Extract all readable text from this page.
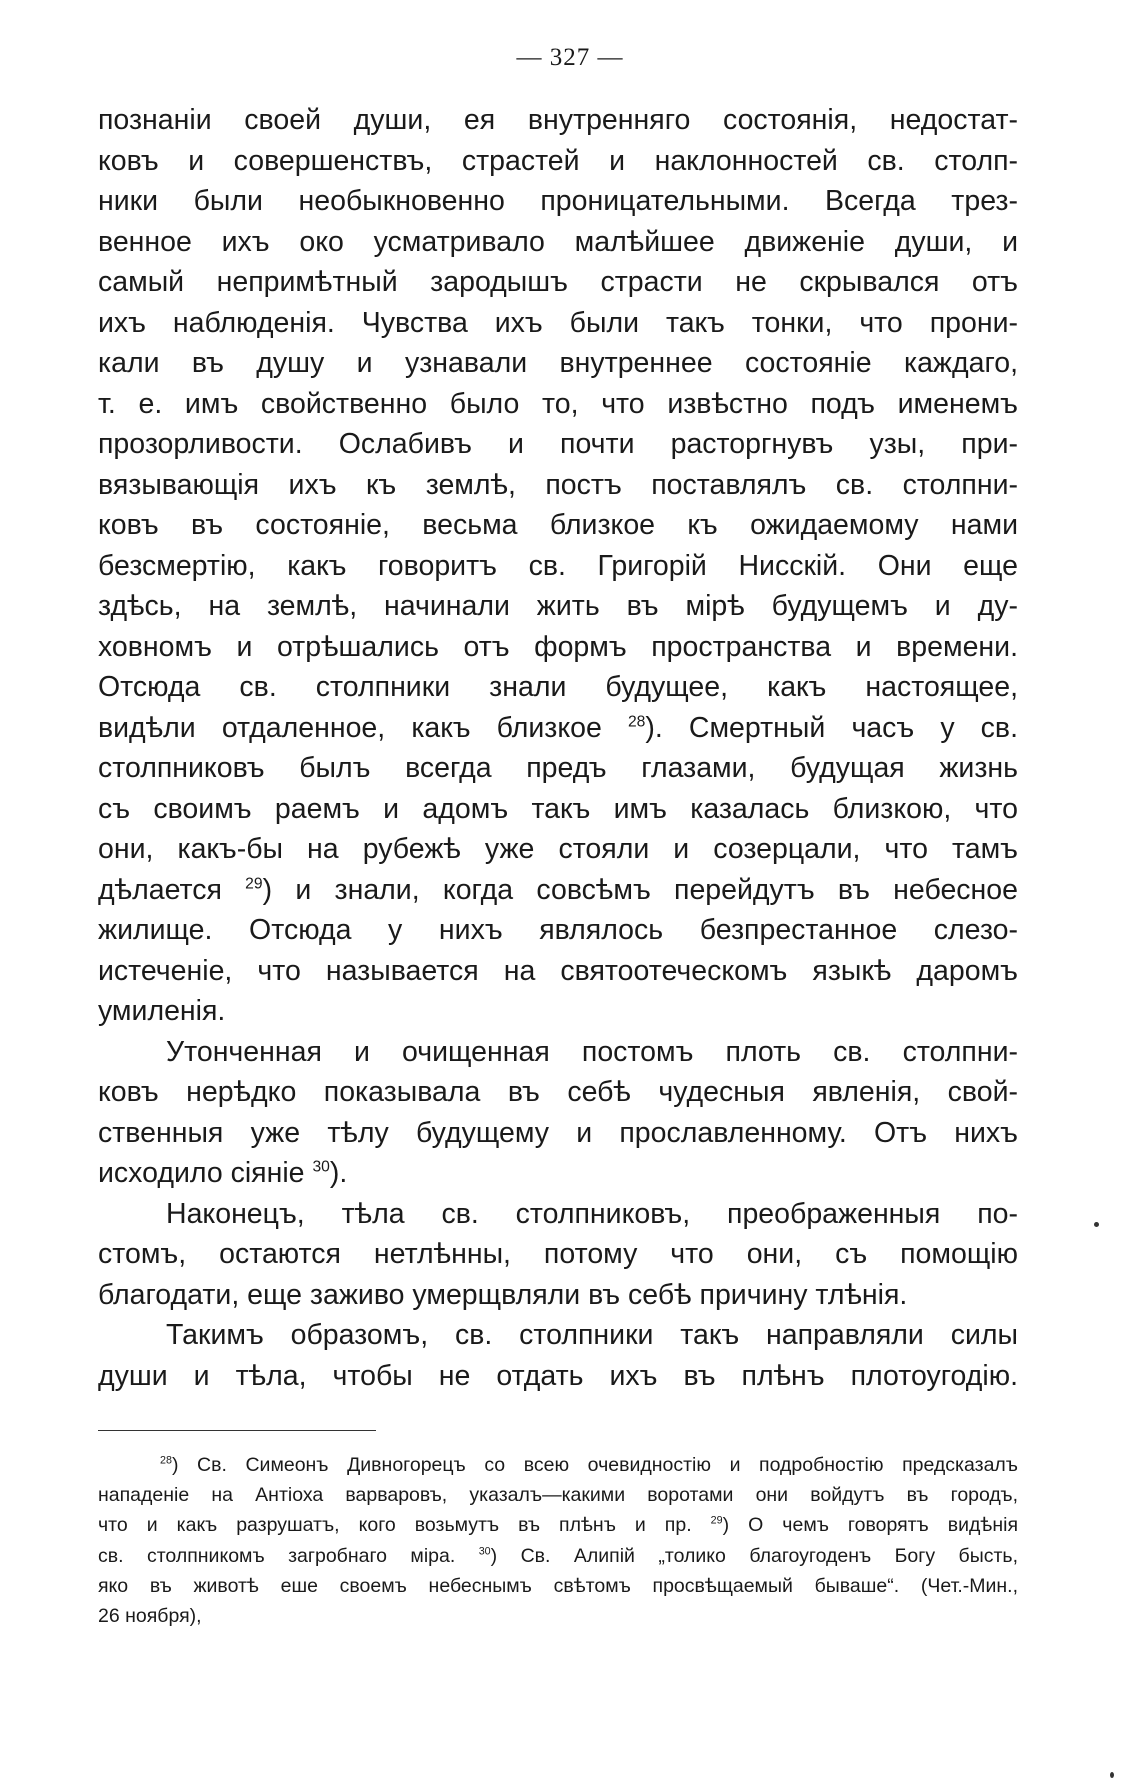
— 327 —
познанiи своей души, ея внутренняго состоянiя, недостат-
ковъ и совершенствъ, страстей и наклонностей св. столп-
ники были необыкновенно проницательными. Всегда трез-
венное ихъ око усматривало малѣйшее движенiе души, и
самый непримѣтный зародышъ страсти не скрывался отъ
ихъ наблюденiя. Чувства ихъ были такъ тонки, что прони-
кали въ душу и узнавали внутреннее состоянiе каждаго,
т. е. имъ свойственно было то, что извѣстно подъ именемъ
прозорливости. Ослабивъ и почти расторгнувъ узы, при-
вязывающiя ихъ къ землѣ, постъ поставлялъ св. столпни-
ковъ въ состоянiе, весьма близкое къ ожидаемому нами
безсмертiю, какъ говоритъ св. Григорiй Нисскiй. Они еще
здѣсь, на землѣ, начинали жить въ мiрѣ будущемъ и ду-
ховномъ и отрѣшались отъ формъ пространства и времени.
Отсюда св. столпники знали будущее, какъ настоящее,
видѣли отдаленное, какъ близкое $^{28}$). Смертный часъ у св.
столпниковъ былъ всегда предъ глазами, будущая жизнь
съ своимъ раемъ и адомъ такъ имъ казалась близкою, что
они, какъ-бы на рубежѣ уже стояли и созерцали, что тамъ
дѣлается $^{29}$) и знали, когда совсѣмъ перейдутъ въ небесное
жилище. Отсюда у нихъ являлось безпрестанное слезо-
истеченiе, что называется на святоотеческомъ языкѣ даромъ
умиленiя.
Утонченная и очищенная постомъ плоть св. столпни-
ковъ нерѣдко показывала въ себѣ чудесныя явленiя, свой-
ственныя уже тѣлу будущему и прославленному. Отъ нихъ
исходило сiянiе $^{30}$).
Наконецъ, тѣла св. столпниковъ, преображенныя по-
стомъ, остаются нетлѣнны, потому что они, съ помощiю
благодати, еще заживо умерщвляли въ себѣ причину тлѣнiя.
Такимъ образомъ, св. столпники такъ направляли силы
души и тѣла, чтобы не отдать ихъ въ плѣнъ плотоугодiю.
$^{28}$) Св. Симеонъ Дивногорецъ со всею очевидностiю и подробностiю предсказалъ
нападенiе на Антiоха варваровъ, указалъ—какими воротами они войдутъ въ городъ,
что и какъ разрушатъ, кого возьмутъ въ плѣнъ и пр. $^{29}$) О чемъ говорятъ видѣнiя
св. столпникомъ загробнаго мiра. $^{30}$) Св. Алипiй „толико благоугоденъ Богу бысть,
яко въ животѣ еше своемъ небеснымъ свѣтомъ просвѣщаемый бываше“. (Чет.-Мин.,
26 ноября),
